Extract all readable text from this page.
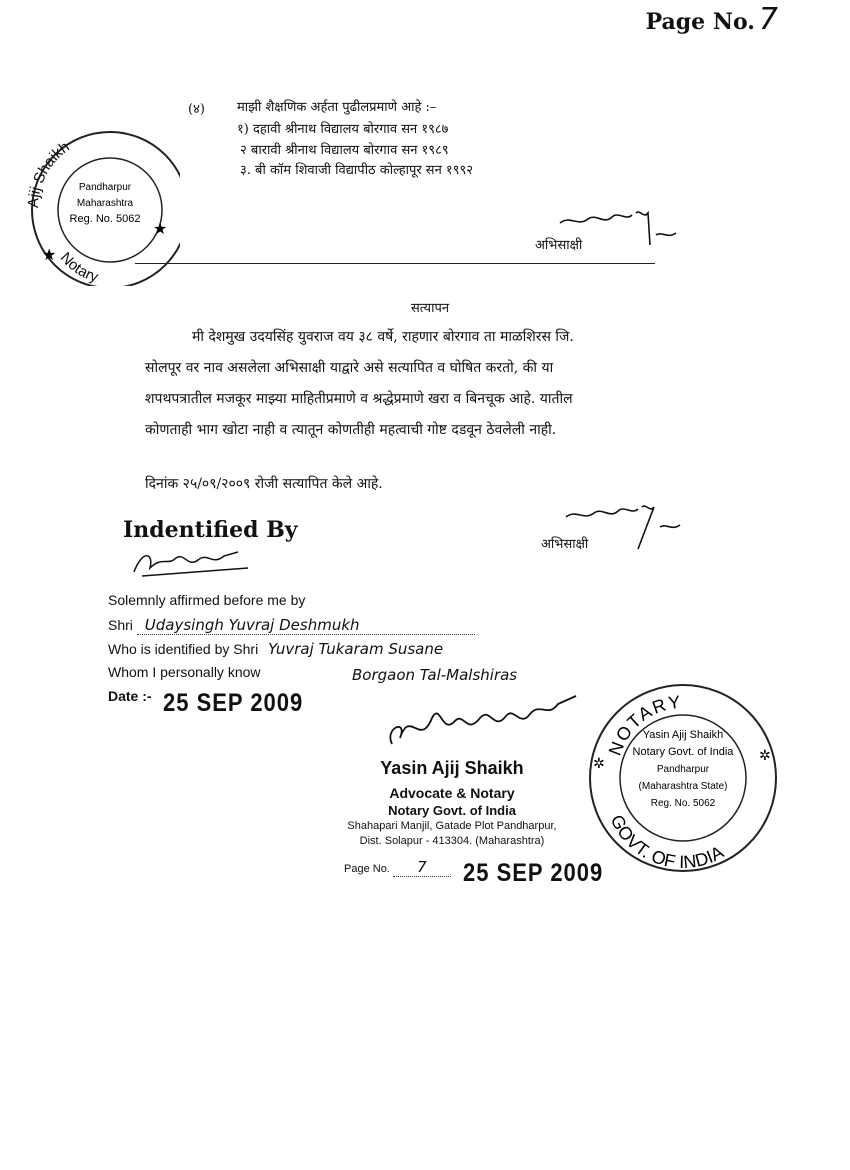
Page No. 7
Ajij Shaikh
Notary
Pandharpur
Maharashtra
Reg. No. 5062
★
★
(४) माझी शैक्षणिक अर्हता पुढीलप्रमाणे आहे :–
१) दहावी श्रीनाथ विद्यालय बोरगाव सन १९८७
२ बारावी श्रीनाथ विद्यालय बोरगाव सन १९८९
३. बी कॉम शिवाजी विद्यापीठ कोल्हापूर सन १९९२
अभिसाक्षी
सत्यापन
मी देशमुख उदयसिंह युवराज वय ३८ वर्षे, राहणार बोरगाव ता माळशिरस जि.
सोलपूर वर नाव असलेला अभिसाक्षी याद्वारे असे सत्यापित व घोषित करतो, की या
शपथपत्रातील मजकूर माझ्या माहितीप्रमाणे व श्रद्धेप्रमाणे खरा व बिनचूक आहे. यातील
कोणताही भाग खोटा नाही व त्यातून कोणतीही महत्वाची गोष्ट दडवून ठेवलेली नाही.
दिनांक २५/०९/२००९ रोजी सत्यापित केले आहे.
Indentified By
अभिसाक्षी
Solemnly affirmed before me by
Shri Udaysingh Yuvraj Deshmukh
Who is identified by Shri Yuvraj Tukaram Susane
Whom I personally know	Borgaon Tal-Malshiras
Date :- 25 SEP 2009
Yasin Ajij Shaikh
Advocate & Notary
Notary Govt. of India
Shahapari Manjil, Gatade Plot Pandharpur,
Dist. Solapur - 413304. (Maharashtra)
Page No. 7	25 SEP 2009
NOTARY
GOVT. OF INDIA
Yasin Ajij Shaikh
Notary Govt. of India
Pandharpur
(Maharashtra State)
Reg. No. 5062
✲	✲
